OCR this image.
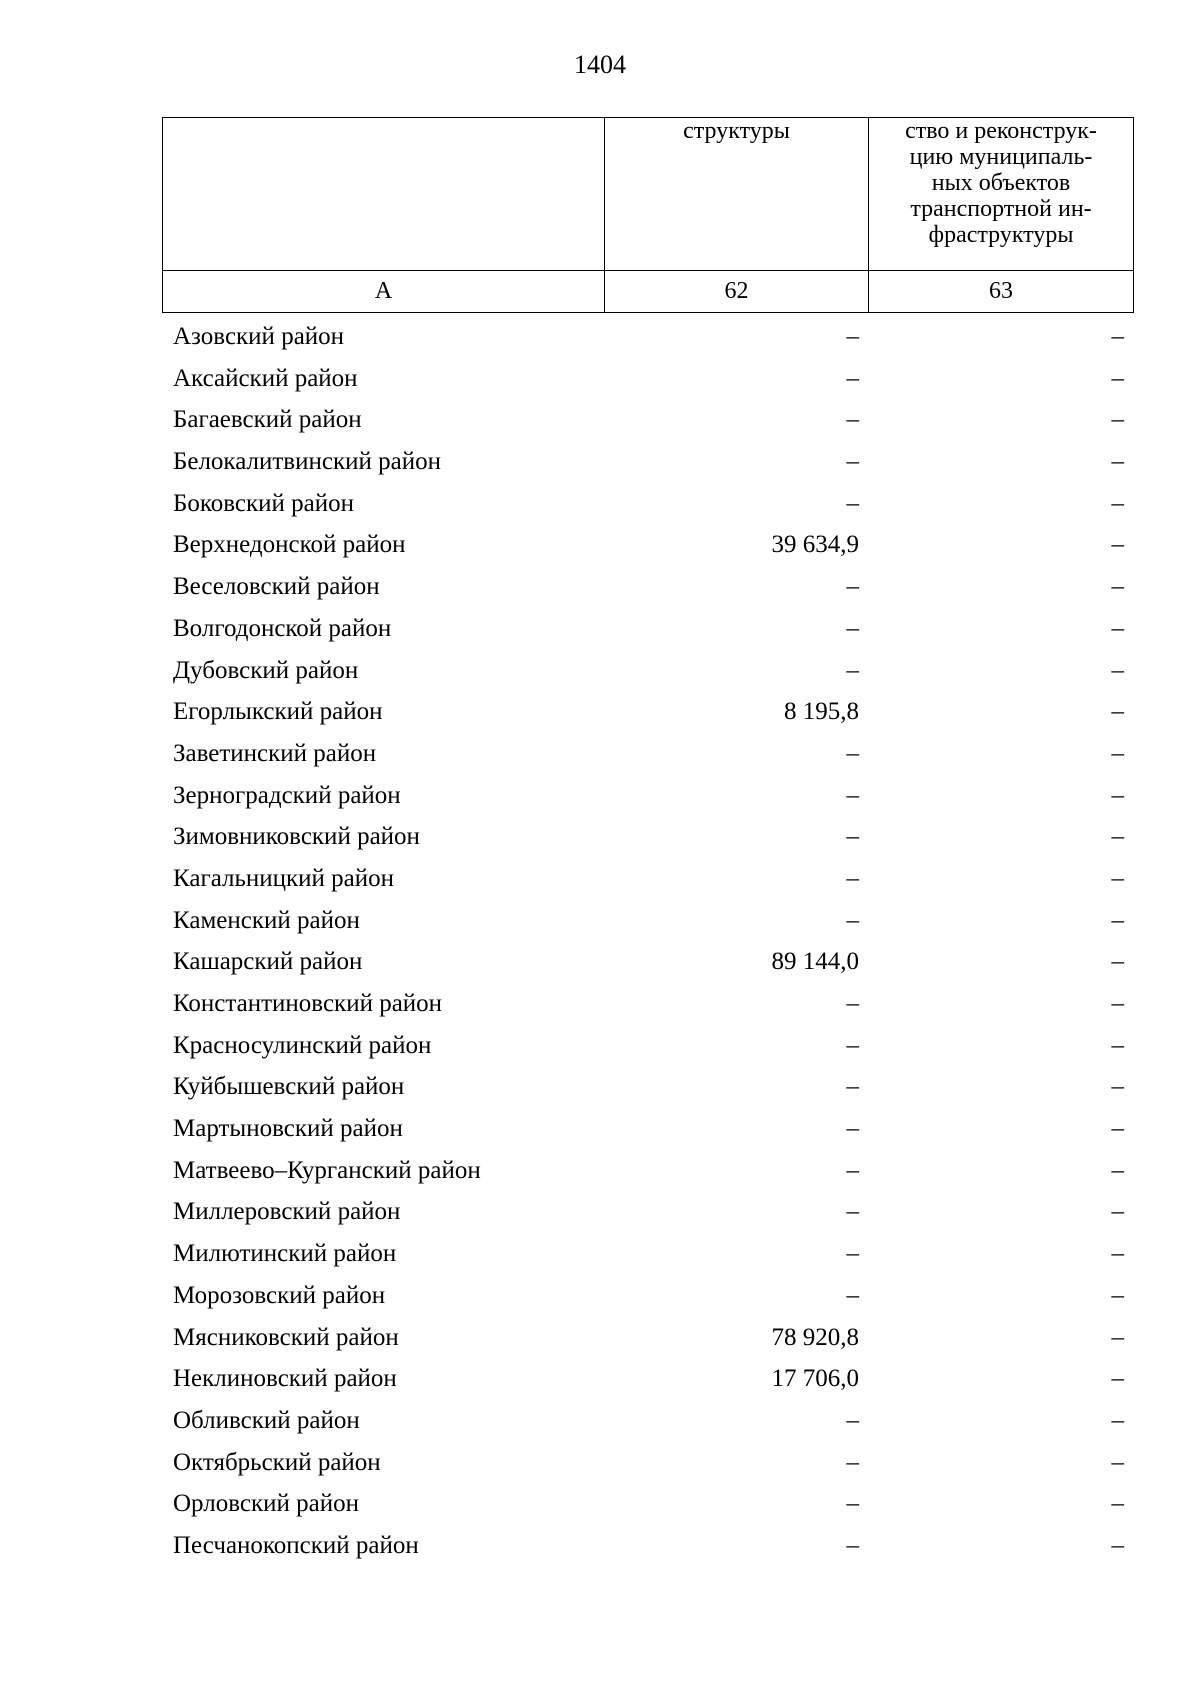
1404
	структуры	ство и реконструк-
цию муниципаль-
ных объектов
транспортной ин-
фраструктуры

А	62	63
Азовский район	–	–
Аксайский район	–	–
Багаевский район	–	–
Белокалитвинский район	–	–
Боковский район	–	–
Верхнедонской район	39 634,9	–
Веселовский район	–	–
Волгодонской район	–	–
Дубовский район	–	–
Егорлыкский район	8 195,8	–
Заветинский район	–	–
Зерноградский район	–	–
Зимовниковский район	–	–
Кагальницкий район	–	–
Каменский район	–	–
Кашарский район	89 144,0	–
Константиновский район	–	–
Красносулинский район	–	–
Куйбышевский район	–	–
Мартыновский район	–	–
Матвеево–Курганский район	–	–
Миллеровский район	–	–
Милютинский район	–	–
Морозовский район	–	–
Мясниковский район	78 920,8	–
Неклиновский район	17 706,0	–
Обливский район	–	–
Октябрьский район	–	–
Орловский район	–	–
Песчанокопский район	–	–
